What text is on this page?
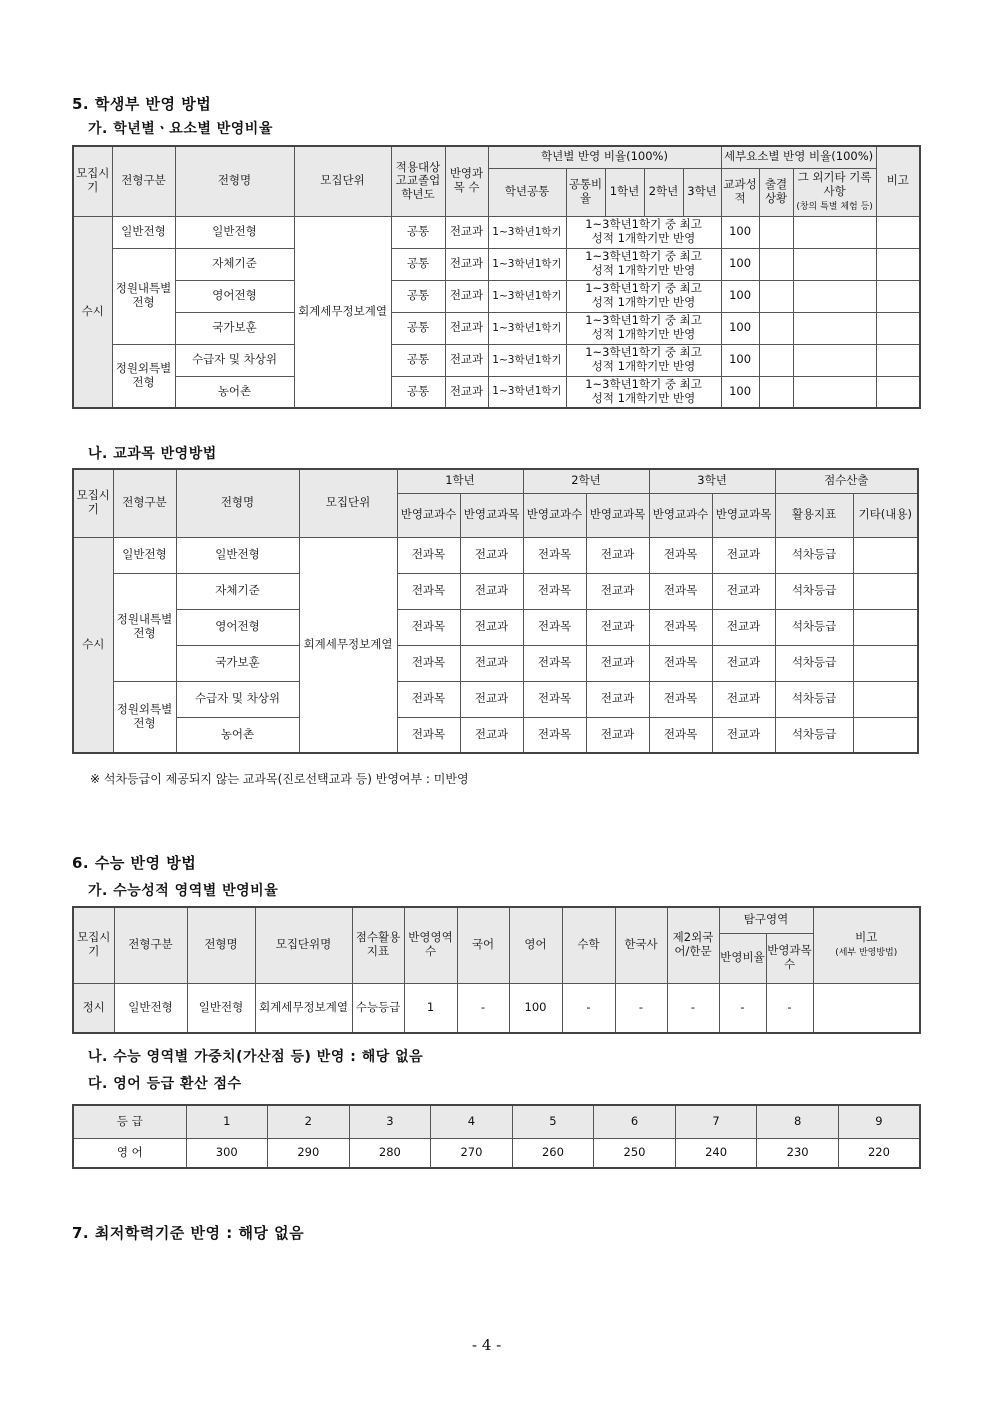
5. 학생부 반영 방법
가. 학년별ㆍ요소별 반영비율
모집시기	전형구분	전형명	모집단위	적용대상고교졸업학년도	반영과목 수	학년별 반영 비율(100%)					세부요소별 반영 비율(100%)			비고
						학년공통	공통비율	1학년	2학년	3학년	교과성적	출결상황	그 외기타 기록사항
(창의 특별 체험 등)	
수시	일반전형	일반전형	회계세무정보계열	공통	전교과	1~3학년1학기	1~3학년1학기 중 최고성적 1개학기만 반영				100			
	정원내특별전형	자체기준		공통	전교과	1~3학년1학기	1~3학년1학기 중 최고성적 1개학기만 반영				100			
		영어전형		공통	전교과	1~3학년1학기	1~3학년1학기 중 최고성적 1개학기만 반영				100			
		국가보훈		공통	전교과	1~3학년1학기	1~3학년1학기 중 최고성적 1개학기만 반영				100			
	정원외특별전형	수급자 및 차상위		공통	전교과	1~3학년1학기	1~3학년1학기 중 최고성적 1개학기만 반영				100			
		농어촌		공통	전교과	1~3학년1학기	1~3학년1학기 중 최고성적 1개학기만 반영				100			
나. 교과목 반영방법
모집시기	전형구분	전형명	모집단위	1학년		2학년		3학년		점수산출	
				반영교과수	반영교과목	반영교과수	반영교과목	반영교과수	반영교과목	활용지표	기타(내용)
수시	일반전형	일반전형	회계세무정보계열	전과목	전교과	전과목	전교과	전과목	전교과	석차등급	
	정원내특별전형	자체기준		전과목	전교과	전과목	전교과	전과목	전교과	석차등급	
		영어전형		전과목	전교과	전과목	전교과	전과목	전교과	석차등급	
		국가보훈		전과목	전교과	전과목	전교과	전과목	전교과	석차등급	
	정원외특별전형	수급자 및 차상위		전과목	전교과	전과목	전교과	전과목	전교과	석차등급	
		농어촌		전과목	전교과	전과목	전교과	전과목	전교과	석차등급	
※ 석차등급이 제공되지 않는 교과목(진로선택교과 등) 반영여부 : 미반영
6. 수능 반영 방법
가. 수능성적 영역별 반영비율
모집시기	전형구분	전형명	모집단위명	점수활용지표	반영영역수	국어	영어	수학	한국사	제2외국어/한문	탐구영역		비고
(세부 반영방법)
											반영비율	반영과목수	
정시	일반전형	일반전형	회계세무정보계열	수능등급	1	-	100	-	-	-	-	-	
나. 수능 영역별 가중치(가산점 등) 반영 : 해당 없음
다. 영어 등급 환산 점수
등 급	1	2	3	4	5	6	7	8	9
영 어	300	290	280	270	260	250	240	230	220
7. 최저학력기준 반영 : 해당 없음
- 4 -
